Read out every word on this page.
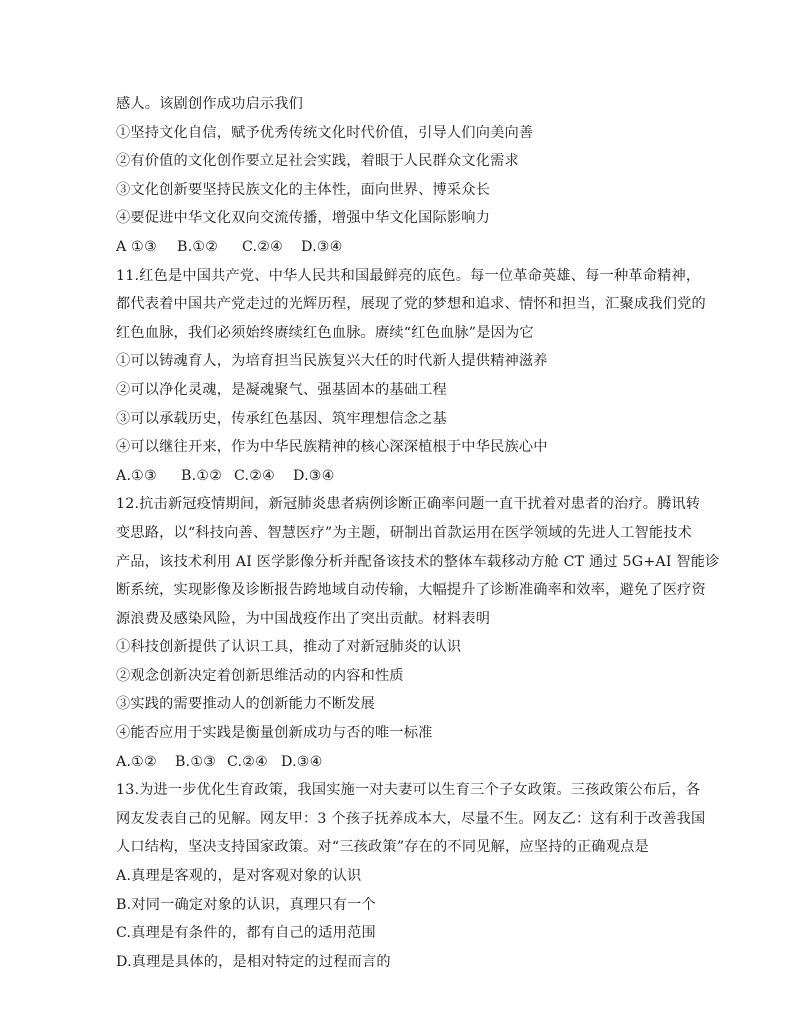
感人。该剧创作成功启示我们
①坚持文化自信，赋予优秀传统文化时代价值，引导人们向美向善
②有价值的文化创作要立足社会实践，着眼于人民群众文化需求
③文化创新要坚持民族文化的主体性，面向世界、博采众长
④要促进中华文化双向交流传播，增强中华文化国际影响力
A ①③	B.①②	C.②④	D.③④
11.红色是中国共产党、中华人民共和国最鲜亮的底色。每一位革命英雄、每一种革命精神，
都代表着中国共产党走过的光辉历程，展现了党的梦想和追求、情怀和担当，汇聚成我们党的
红色血脉，我们必须始终赓续红色血脉。赓续“红色血脉”是因为它
①可以铸魂育人，为培育担当民族复兴大任的时代新人提供精神滋养
②可以净化灵魂，是凝魂聚气、强基固本的基础工程
③可以承载历史，传承红色基因、筑牢理想信念之基
④可以继往开来，作为中华民族精神的核心深深植根于中华民族心中
A.①③	B.①② C.②④	D.③④
12.抗击新冠疫情期间，新冠肺炎患者病例诊断正确率问题一直干扰着对患者的治疗。腾讯转
变思路，以“科技向善、智慧医疗”为主题，研制出首款运用在医学领域的先进人工智能技术
产品，该技术利用 AI 医学影像分析并配备该技术的整体车载移动方舱 CT 通过 5G+AI 智能诊
断系统，实现影像及诊断报告跨地域自动传输，大幅提升了诊断准确率和效率，避免了医疗资
源浪费及感染风险，为中国战疫作出了突出贡献。材料表明
①科技创新提供了认识工具，推动了对新冠肺炎的认识
②观念创新决定着创新思维活动的内容和性质
③实践的需要推动人的创新能力不断发展
④能否应用于实践是衡量创新成功与否的唯一标准
A.①②	B.①③ C.②④ D.③④
13.为进一步优化生育政策，我国实施一对夫妻可以生育三个子女政策。三孩政策公布后，各
网友发表自己的见解。网友甲：3 个孩子抚养成本大，尽量不生。网友乙：这有利于改善我国
人口结构，坚决支持国家政策。对“三孩政策”存在的不同见解，应坚持的正确观点是
A.真理是客观的，是对客观对象的认识
B.对同一确定对象的认识，真理只有一个
C.真理是有条件的，都有自己的适用范围
D.真理是具体的，是相对特定的过程而言的
